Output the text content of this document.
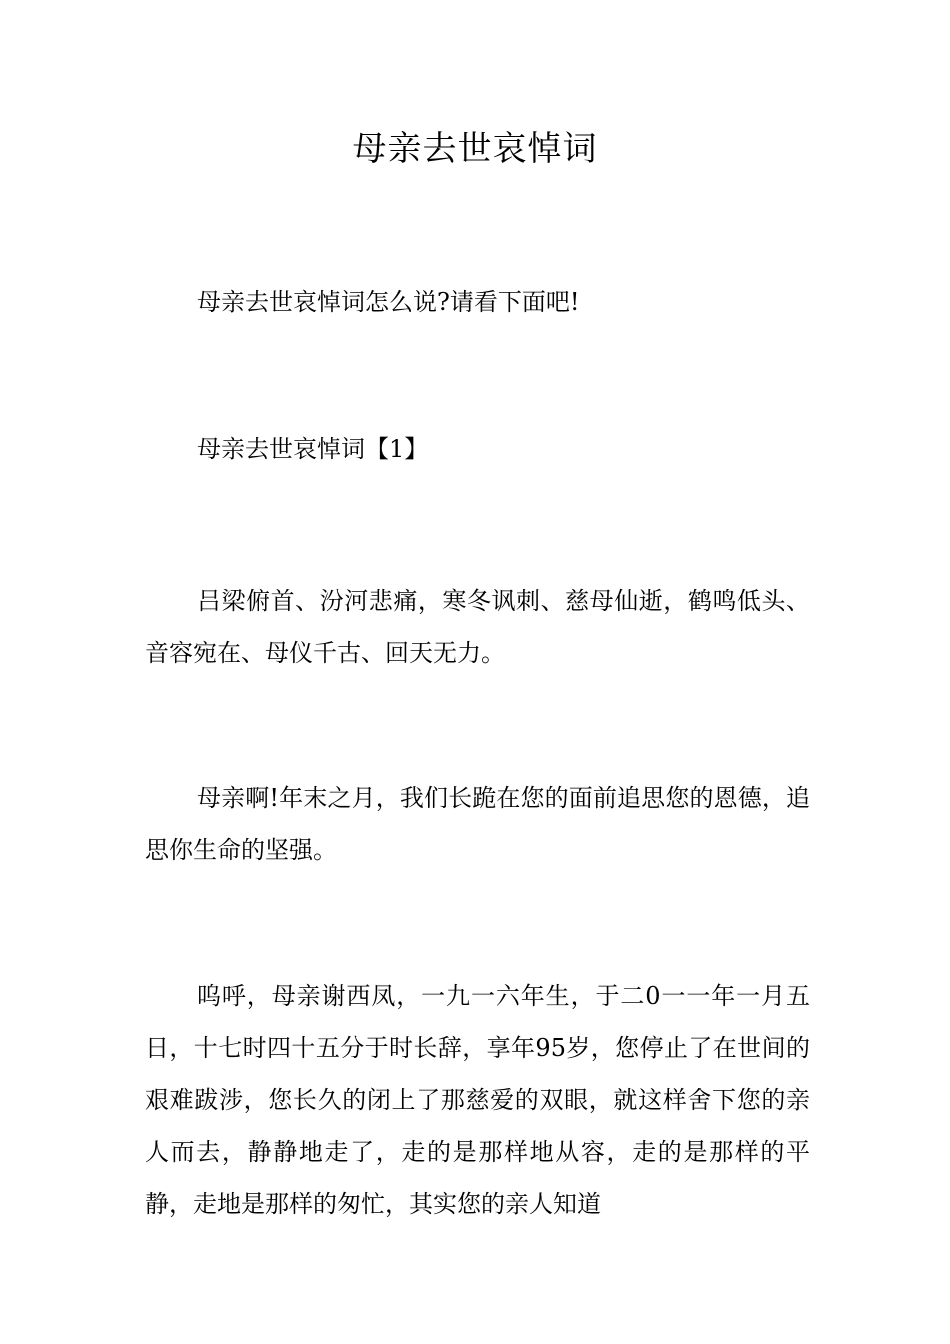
母亲去世哀悼词

母亲去世哀悼词怎么说?请看下面吧!

母亲去世哀悼词【1】

吕梁俯首、汾河悲痛，寒冬讽刺、慈母仙逝，鹤鸣低头、音容宛在、母仪千古、回天无力。

母亲啊!年末之月，我们长跪在您的面前追思您的恩德，追思你生命的坚强。

呜呼，母亲谢西凤，一九一六年生，于二0一一年一月五日，十七时四十五分于时长辞，享年95岁，您停止了在世间的艰难跋涉，您长久的闭上了那慈爱的双眼，就这样舍下您的亲人而去，静静地走了，走的是那样地从容，走的是那样的平静，走地是那样的匆忙，其实您的亲人知道
